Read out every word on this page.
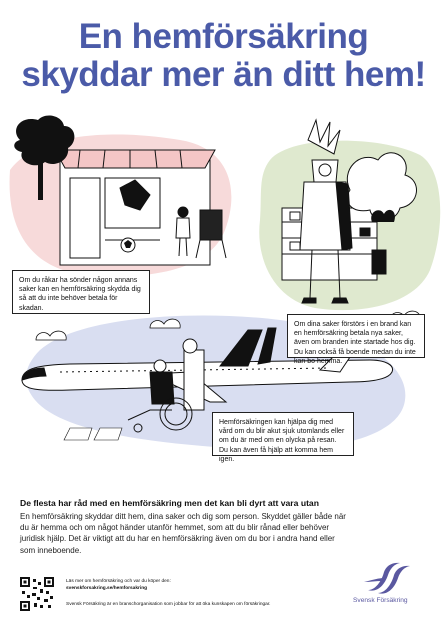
En hemförsäkring
skyddar mer än ditt hem!
Om du råkar ha sönder någon annans saker kan en hemförsäkring skydda dig så att du inte behöver betala för skadan.
Om dina saker förstörs i en brand kan en hemförsäkring betala nya saker, även om branden inte startade hos dig. Du kan också få boende medan du inte kan bo hemma.
Hemförsäkringen kan hjälpa dig med vård om du blir akut sjuk utomlands eller om du är med om en olycka på resan. Du kan även få hjälp att komma hem igen.
De flesta har råd med en hemförsäkring men det kan bli dyrt att vara utan
En hemförsäkring skyddar ditt hem, dina saker och dig som person. Skyddet gäller både när du är hemma och om något händer utanför hemmet, som att du blir rånad eller behöver juridisk hjälp. Det är viktigt att du har en hemförsäkring även om du bor i andra hand eller som inneboende.
Läs mer om hemförsäkring och var du köper den:
svenskforsakring.se/hemforsakring
Svensk Försäkring är en branschorganisation som jobbar för att öka kunskapen om försäkringar.
Svensk Försäkring
